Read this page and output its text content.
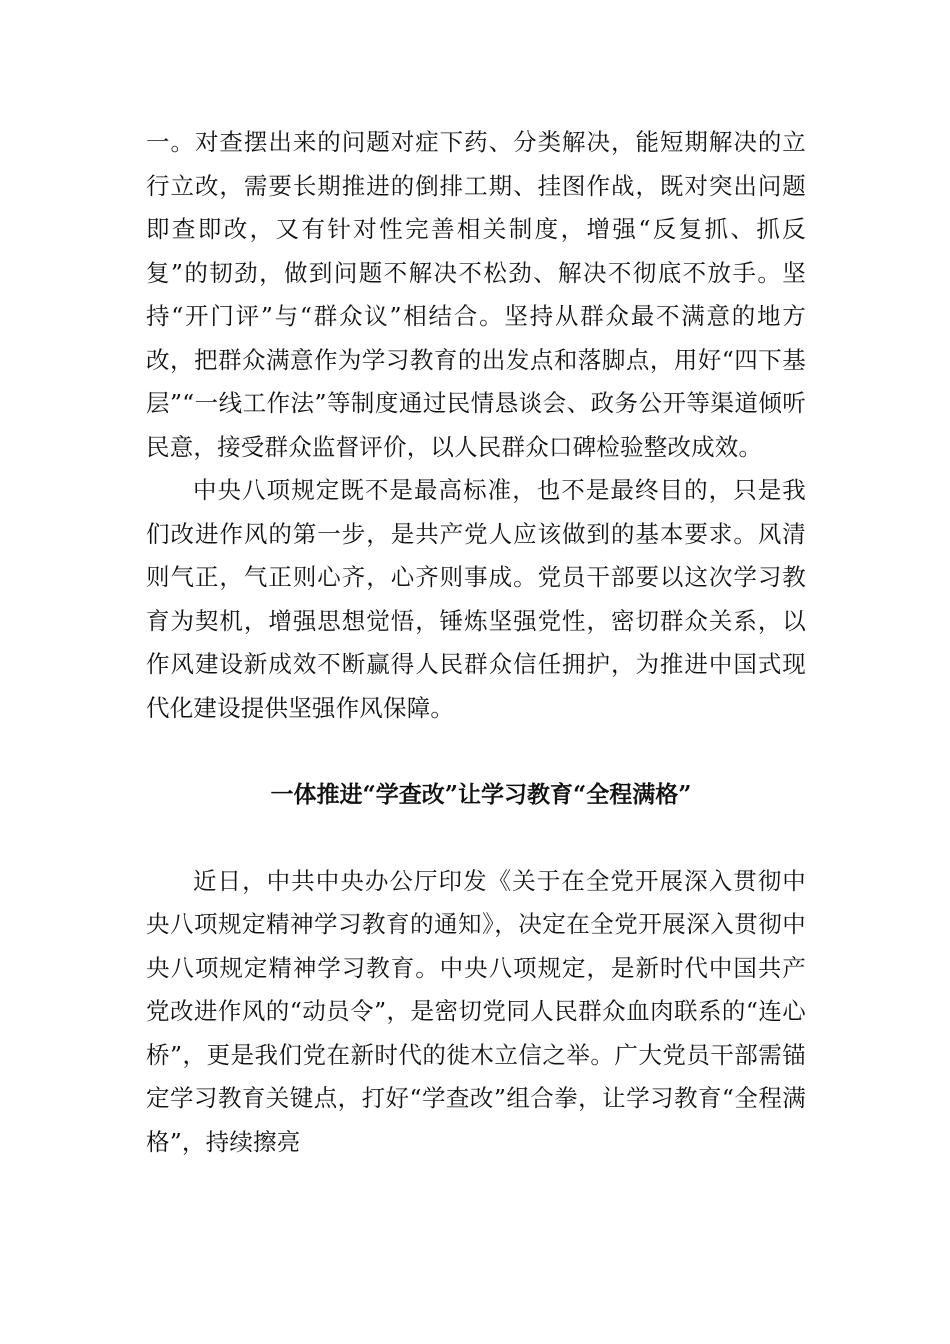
一。对查摆出来的问题对症下药、分类解决，能短期解决的立行立改，需要长期推进的倒排工期、挂图作战，既对突出问题即查即改，又有针对性完善相关制度，增强“反复抓、抓反复”的韧劲，做到问题不解决不松劲、解决不彻底不放手。坚持“开门评”与“群众议”相结合。坚持从群众最不满意的地方改，把群众满意作为学习教育的出发点和落脚点，用好“四下基层”“一线工作法”等制度通过民情恳谈会、政务公开等渠道倾听民意，接受群众监督评价，以人民群众口碑检验整改成效。

中央八项规定既不是最高标准，也不是最终目的，只是我们改进作风的第一步，是共产党人应该做到的基本要求。风清则气正，气正则心齐，心齐则事成。党员干部要以这次学习教育为契机，增强思想觉悟，锤炼坚强党性，密切群众关系，以作风建设新成效不断赢得人民群众信任拥护，为推进中国式现代化建设提供坚强作风保障。

一体推进“学查改”让学习教育“全程满格”

近日，中共中央办公厅印发《关于在全党开展深入贯彻中央八项规定精神学习教育的通知》，决定在全党开展深入贯彻中央八项规定精神学习教育。中央八项规定，是新时代中国共产党改进作风的“动员令”，是密切党同人民群众血肉联系的“连心桥”，更是我们党在新时代的徙木立信之举。广大党员干部需锚定学习教育关键点，打好“学查改”组合拳，让学习教育“全程满格”，持续擦亮
